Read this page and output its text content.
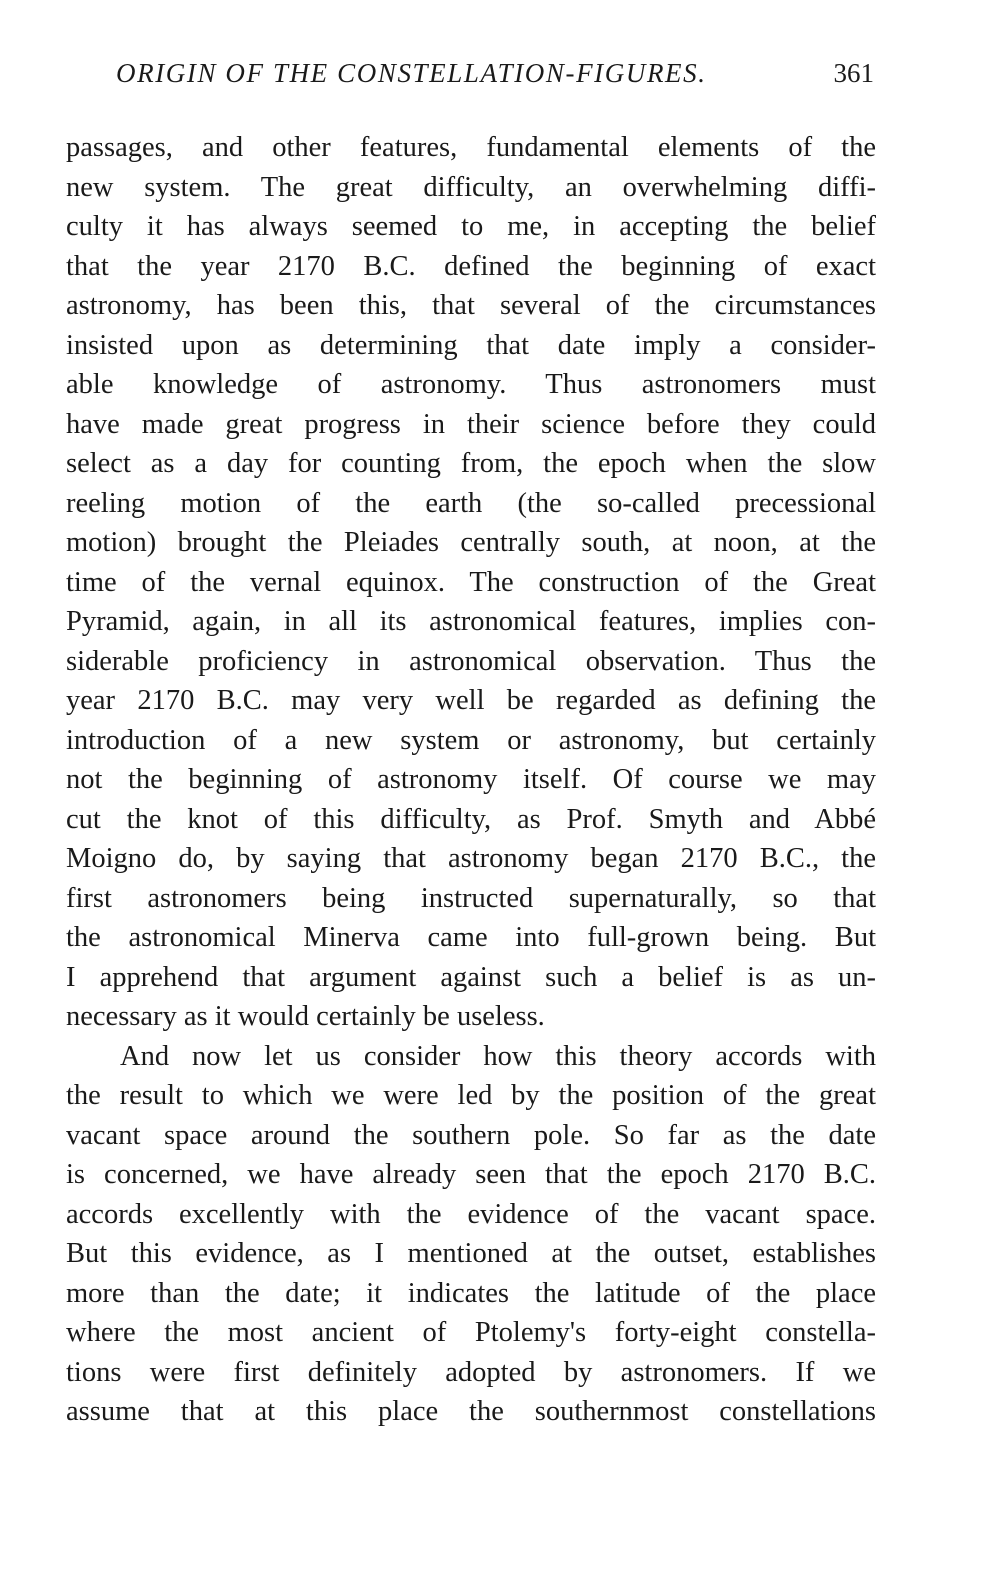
ORIGIN OF THE CONSTELLATION-FIGURES.	361
passages, and other features, fundamental elements of the
new system. The great difficulty, an overwhelming diffi-
culty it has always seemed to me, in accepting the belief
that the year 2170 B.C. defined the beginning of exact
astronomy, has been this, that several of the circumstances
insisted upon as determining that date imply a consider-
able knowledge of astronomy. Thus astronomers must
have made great progress in their science before they could
select as a day for counting from, the epoch when the slow
reeling motion of the earth (the so-called precessional
motion) brought the Pleiades centrally south, at noon, at the
time of the vernal equinox. The construction of the Great
Pyramid, again, in all its astronomical features, implies con-
siderable proficiency in astronomical observation. Thus the
year 2170 B.C. may very well be regarded as defining the
introduction of a new system or astronomy, but certainly
not the beginning of astronomy itself. Of course we may
cut the knot of this difficulty, as Prof. Smyth and Abbé
Moigno do, by saying that astronomy began 2170 B.C., the
first astronomers being instructed supernaturally, so that
the astronomical Minerva came into full-grown being. But
I apprehend that argument against such a belief is as un-
necessary as it would certainly be useless.
And now let us consider how this theory accords with
the result to which we were led by the position of the great
vacant space around the southern pole. So far as the date
is concerned, we have already seen that the epoch 2170 B.C.
accords excellently with the evidence of the vacant space.
But this evidence, as I mentioned at the outset, establishes
more than the date; it indicates the latitude of the place
where the most ancient of Ptolemy's forty-eight constella-
tions were first definitely adopted by astronomers. If we
assume that at this place the southernmost constellations
